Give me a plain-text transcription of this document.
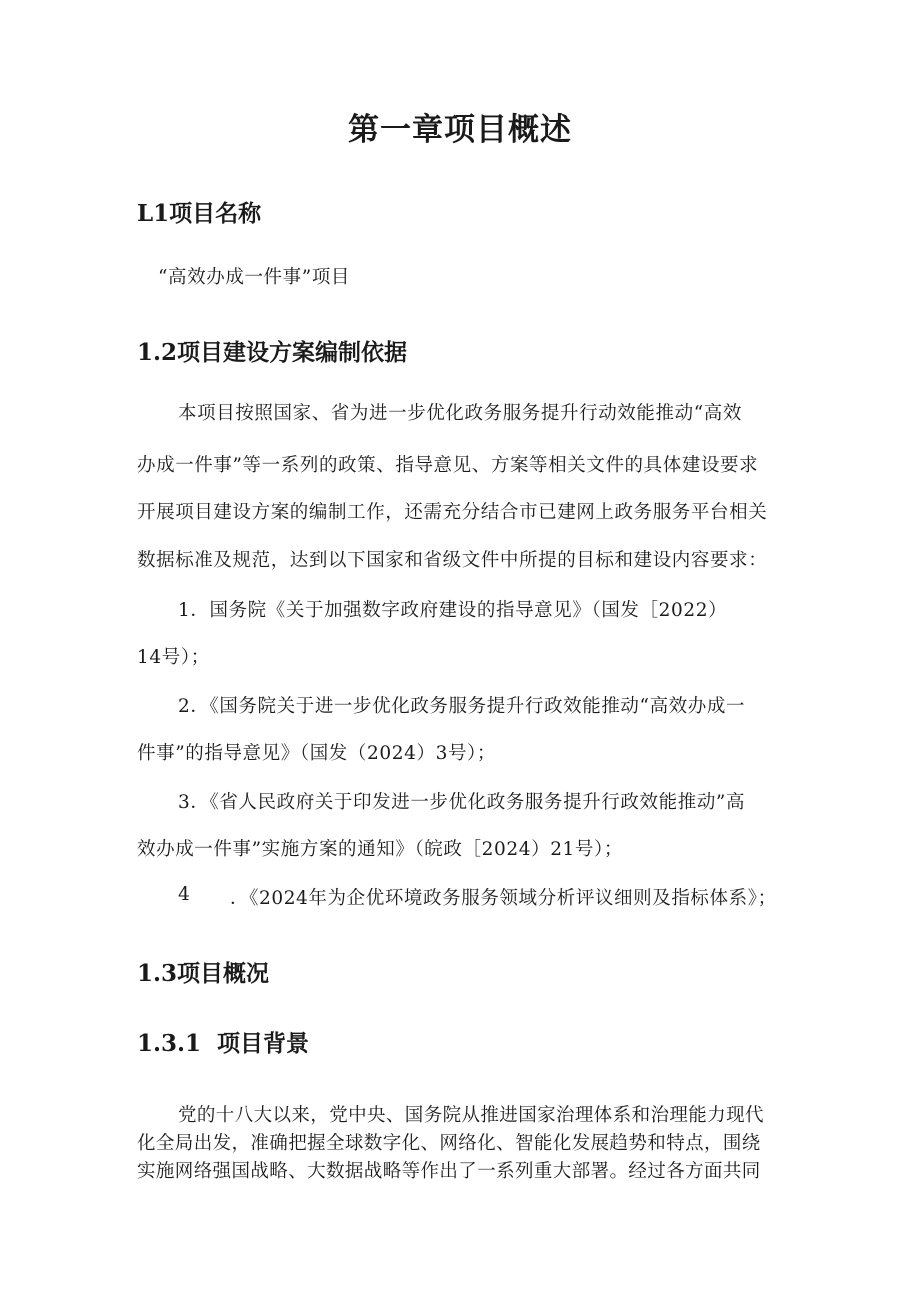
第一章项目概述
L1项目名称

“高效办成一件事”项目

1.2项目建设方案编制依据

本项目按照国家、省为进一步优化政务服务提升行动效能推动“高效

办成一件事”等一系列的政策、指导意见、方案等相关文件的具体建设要求

开展项目建设方案的编制工作，还需充分结合市已建网上政务服务平台相关

数据标准及规范，达到以下国家和省级文件中所提的目标和建设内容要求：

1．国务院《关于加强数字政府建设的指导意见》（国发［2022）

14号）；

2．《国务院关于进一步优化政务服务提升行政效能推动“高效办成一

件事”的指导意见》（国发（2024）3号）；

3．《省人民政府关于印发进一步优化政务服务提升行政效能推动”高

效办成一件事”实施方案的通知》（皖政［2024）21号）；

4 ．《2024年为企优环境政务服务领域分析评议细则及指标体系》；

1.3项目概况
1.3.1  项目背景

党的十八大以来，党中央、国务院从推进国家治理体系和治理能力现代

化全局出发，准确把握全球数字化、网络化、智能化发展趋势和特点，围绕

实施网络强国战略、大数据战略等作出了一系列重大部署。经过各方面共同
